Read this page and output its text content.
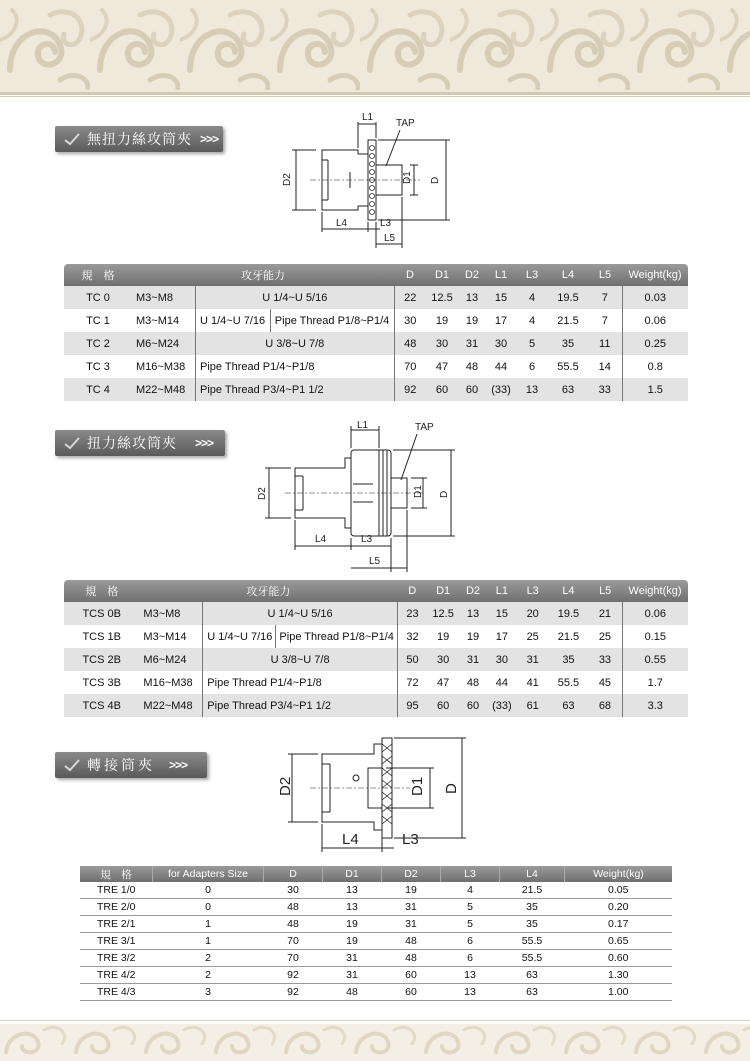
無扭力絲攻筒夾 >>>
L1
TAP
D2	D1 D
L4	L3
L5
規　格	攻牙能力			D	D1	D2	L1	L3	L4	L5	Weight(kg)
TC 0	M3~M8	U 1/4~U 5/16		22	12.5	13	15	4	19.5	7	0.03
TC 1	M3~M14	U 1/4~U 7/16	Pipe Thread P1/8~P1/4	30	19	19	17	4	21.5	7	0.06
TC 2	M6~M24	U 3/8~U 7/8		48	30	31	30	5	35	11	0.25
TC 3	M16~M38	Pipe Thread P1/4~P1/8		70	47	48	44	6	55.5	14	0.8
TC 4	M22~M48	Pipe Thread P3/4~P1 1/2		92	60	60	(33)	13	63	33	1.5
扭力絲攻筒夾 >>>
L1	TAP
D2	D1 D
L4	L3
L5
規　格	攻牙能力			D	D1	D2	L1	L3	L4	L5	Weight(kg)
TCS 0B	M3~M8	U 1/4~U 5/16		23	12.5	13	15	20	19.5	21	0.06
TCS 1B	M3~M14	U 1/4~U 7/16	Pipe Thread P1/8~P1/4	32	19	19	17	25	21.5	25	0.15
TCS 2B	M6~M24	U 3/8~U 7/8		50	30	31	30	31	35	33	0.55
TCS 3B	M16~M38	Pipe Thread P1/4~P1/8		72	47	48	44	41	55.5	45	1.7
TCS 4B	M22~M48	Pipe Thread P3/4~P1 1/2		95	60	60	(33)	61	63	68	3.3
轉接筒夾 >>>
D2	D1 D
L4	L3
規　格	for Adapters Size	D	D1	D2	L3	L4	Weight(kg)
TRE 1/0	0	30	13	19	4	21.5	0.05
TRE 2/0	0	48	13	31	5	35	0.20
TRE 2/1	1	48	19	31	5	35	0.17
TRE 3/1	1	70	19	48	6	55.5	0.65
TRE 3/2	2	70	31	48	6	55.5	0.60
TRE 4/2	2	92	31	60	13	63	1.30
TRE 4/3	3	92	48	60	13	63	1.00
